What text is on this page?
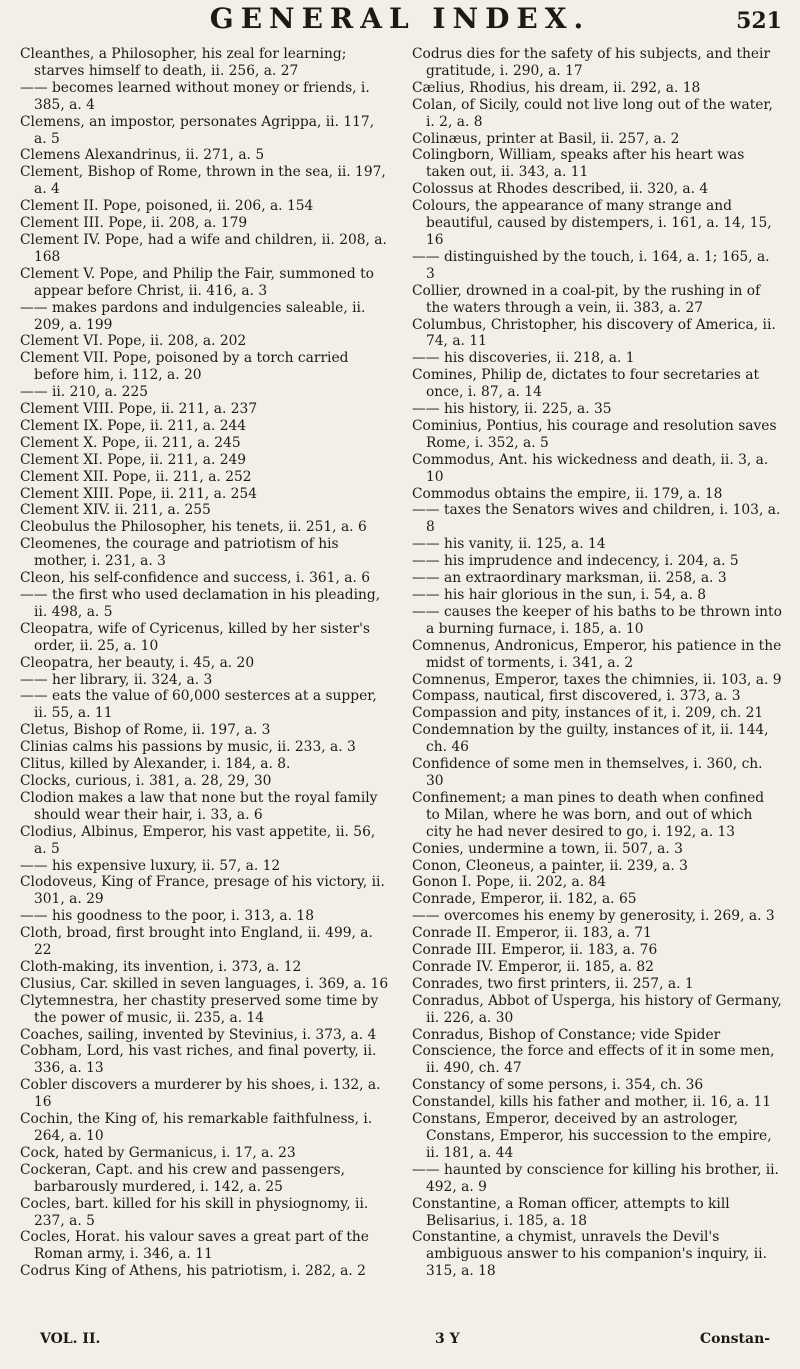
GENERAL INDEX.	521

Cleanthes, a Philosopher, his zeal for learning; starves himself to death, ii. 256, a. 27

—— becomes learned without money or friends, i. 385, a. 4

Clemens, an impostor, personates Agrippa, ii. 117, a. 5

Clemens Alexandrinus, ii. 271, a. 5

Clement, Bishop of Rome, thrown in the sea, ii. 197, a. 4

Clement II. Pope, poisoned, ii. 206, a. 154

Clement III. Pope, ii. 208, a. 179

Clement IV. Pope, had a wife and children, ii. 208, a. 168

Clement V. Pope, and Philip the Fair, summoned to appear before Christ, ii. 416, a. 3

—— makes pardons and indulgencies saleable, ii. 209, a. 199

Clement VI. Pope, ii. 208, a. 202

Clement VII. Pope, poisoned by a torch carried before him, i. 112, a. 20

—— ii. 210, a. 225

Clement VIII. Pope, ii. 211, a. 237

Clement IX. Pope, ii. 211, a. 244

Clement X. Pope, ii. 211, a. 245

Clement XI. Pope, ii. 211, a. 249

Clement XII. Pope, ii. 211, a. 252

Clement XIII. Pope, ii. 211, a. 254

Clement XIV. ii. 211, a. 255

Cleobulus the Philosopher, his tenets, ii. 251, a. 6

Cleomenes, the courage and patriotism of his mother, i. 231, a. 3

Cleon, his self-confidence and success, i. 361, a. 6

—— the first who used declamation in his pleading, ii. 498, a. 5

Cleopatra, wife of Cyricenus, killed by her sister's order, ii. 25, a. 10

Cleopatra, her beauty, i. 45, a. 20

—— her library, ii. 324, a. 3

—— eats the value of 60,000 sesterces at a supper, ii. 55, a. 11

Cletus, Bishop of Rome, ii. 197, a. 3

Clinias calms his passions by music, ii. 233, a. 3

Clitus, killed by Alexander, i. 184, a. 8.

Clocks, curious, i. 381, a. 28, 29, 30

Clodion makes a law that none but the royal family should wear their hair, i. 33, a. 6

Clodius, Albinus, Emperor, his vast appetite, ii. 56, a. 5

—— his expensive luxury, ii. 57, a. 12

Clodoveus, King of France, presage of his victory, ii. 301, a. 29

—— his goodness to the poor, i. 313, a. 18

Cloth, broad, first brought into England, ii. 499, a. 22

Cloth-making, its invention, i. 373, a. 12

Clusius, Car. skilled in seven languages, i. 369, a. 16

Clytemnestra, her chastity preserved some time by the power of music, ii. 235, a. 14

Coaches, sailing, invented by Stevinius, i. 373, a. 4

Cobham, Lord, his vast riches, and final poverty, ii. 336, a. 13

Cobler discovers a murderer by his shoes, i. 132, a. 16

Cochin, the King of, his remarkable faithfulness, i. 264, a. 10

Cock, hated by Germanicus, i. 17, a. 23

Cockeran, Capt. and his crew and passengers, barbarously murdered, i. 142, a. 25

Cocles, bart. killed for his skill in physiognomy, ii. 237, a. 5

Cocles, Horat. his valour saves a great part of the Roman army, i. 346, a. 11

Codrus King of Athens, his patriotism, i. 282, a. 2

Codrus dies for the safety of his subjects, and their gratitude, i. 290, a. 17

Cælius, Rhodius, his dream, ii. 292, a. 18

Colan, of Sicily, could not live long out of the water, i. 2, a. 8

Colinæus, printer at Basil, ii. 257, a. 2

Colingborn, William, speaks after his heart was taken out, ii. 343, a. 11

Colossus at Rhodes described, ii. 320, a. 4

Colours, the appearance of many strange and beautiful, caused by distempers, i. 161, a. 14, 15, 16

—— distinguished by the touch, i. 164, a. 1; 165, a. 3

Collier, drowned in a coal-pit, by the rushing in of the waters through a vein, ii. 383, a. 27

Columbus, Christopher, his discovery of America, ii. 74, a. 11

—— his discoveries, ii. 218, a. 1

Comines, Philip de, dictates to four secretaries at once, i. 87, a. 14

—— his history, ii. 225, a. 35

Cominius, Pontius, his courage and resolution saves Rome, i. 352, a. 5

Commodus, Ant. his wickedness and death, ii. 3, a. 10

Commodus obtains the empire, ii. 179, a. 18

—— taxes the Senators wives and children, i. 103, a. 8

—— his vanity, ii. 125, a. 14

—— his imprudence and indecency, i. 204, a. 5

—— an extraordinary marksman, ii. 258, a. 3

—— his hair glorious in the sun, i. 54, a. 8

—— causes the keeper of his baths to be thrown into a burning furnace, i. 185, a. 10

Comnenus, Andronicus, Emperor, his patience in the midst of torments, i. 341, a. 2

Comnenus, Emperor, taxes the chimnies, ii. 103, a. 9

Compass, nautical, first discovered, i. 373, a. 3

Compassion and pity, instances of it, i. 209, ch. 21

Condemnation by the guilty, instances of it, ii. 144, ch. 46

Confidence of some men in themselves, i. 360, ch. 30

Confinement; a man pines to death when confined to Milan, where he was born, and out of which city he had never desired to go, i. 192, a. 13

Conies, undermine a town, ii. 507, a. 3

Conon, Cleoneus, a painter, ii. 239, a. 3

Gonon I. Pope, ii. 202, a. 84

Conrade, Emperor, ii. 182, a. 65

—— overcomes his enemy by generosity, i. 269, a. 3

Conrade II. Emperor, ii. 183, a. 71

Conrade III. Emperor, ii. 183, a. 76

Conrade IV. Emperor, ii. 185, a. 82

Conrades, two first printers, ii. 257, a. 1

Conradus, Abbot of Usperga, his history of Germany, ii. 226, a. 30

Conradus, Bishop of Constance; vide Spider

Conscience, the force and effects of it in some men, ii. 490, ch. 47

Constancy of some persons, i. 354, ch. 36

Constandel, kills his father and mother, ii. 16, a. 11

Constans, Emperor, deceived by an astrologer, Constans, Emperor, his succession to the empire, ii. 181, a. 44

—— haunted by conscience for killing his brother, ii. 492, a. 9

Constantine, a Roman officer, attempts to kill Belisarius, i. 185, a. 18

Constantine, a chymist, unravels the Devil's ambiguous answer to his companion's inquiry, ii. 315, a. 18

VOL. II.	3 Y	Constan-
